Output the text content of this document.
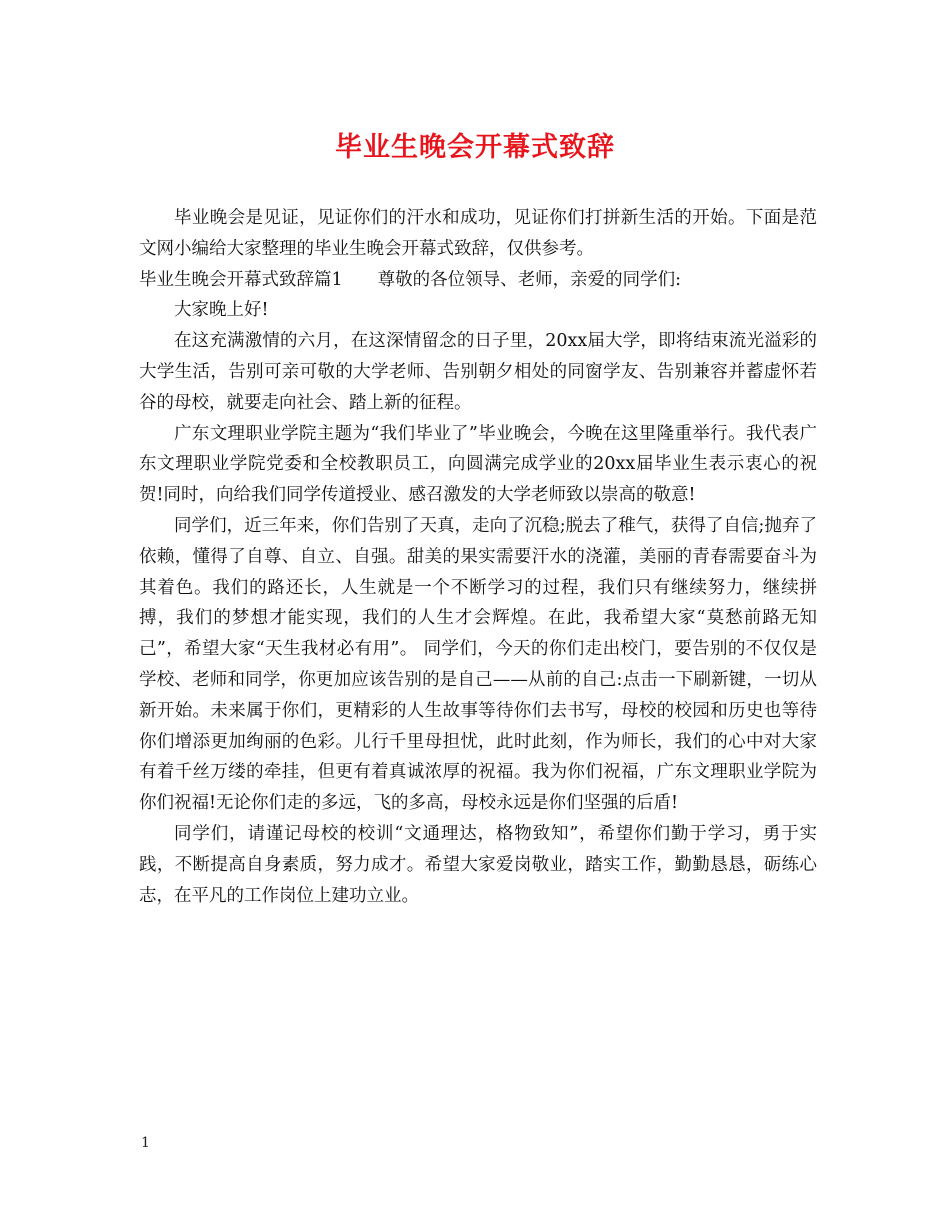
毕业生晚会开幕式致辞

毕业晚会是见证，见证你们的汗水和成功，见证你们打拼新生活的开始。下面是范文网小编给大家整理的毕业生晚会开幕式致辞，仅供参考。

毕业生晚会开幕式致辞篇1　　尊敬的各位领导、老师，亲爱的同学们:

大家晚上好!

在这充满激情的六月，在这深情留念的日子里，20xx届大学，即将结束流光溢彩的大学生活，告别可亲可敬的大学老师、告别朝夕相处的同窗学友、告别兼容并蓄虚怀若谷的母校，就要走向社会、踏上新的征程。

广东文理职业学院主题为“我们毕业了”毕业晚会，今晚在这里隆重举行。我代表广东文理职业学院党委和全校教职员工，向圆满完成学业的20xx届毕业生表示衷心的祝贺!同时，向给我们同学传道授业、感召激发的大学老师致以崇高的敬意!

同学们，近三年来，你们告别了天真，走向了沉稳;脱去了稚气，获得了自信;抛弃了依赖，懂得了自尊、自立、自强。甜美的果实需要汗水的浇灌，美丽的青春需要奋斗为其着色。我们的路还长，人生就是一个不断学习的过程，我们只有继续努力，继续拼搏，我们的梦想才能实现，我们的人生才会辉煌。在此，我希望大家“莫愁前路无知己”，希望大家“天生我材必有用”。 同学们，今天的你们走出校门，要告别的不仅仅是学校、老师和同学，你更加应该告别的是自己——从前的自己:点击一下刷新键，一切从新开始。未来属于你们，更精彩的人生故事等待你们去书写，母校的校园和历史也等待你们增添更加绚丽的色彩。儿行千里母担忧，此时此刻，作为师长，我们的心中对大家有着千丝万缕的牵挂，但更有着真诚浓厚的祝福。我为你们祝福，广东文理职业学院为你们祝福!无论你们走的多远，飞的多高，母校永远是你们坚强的后盾!

同学们，请谨记母校的校训“文通理达，格物致知”，希望你们勤于学习，勇于实践，不断提高自身素质，努力成才。希望大家爱岗敬业，踏实工作，勤勤恳恳，砺练心志，在平凡的工作岗位上建功立业。

1
